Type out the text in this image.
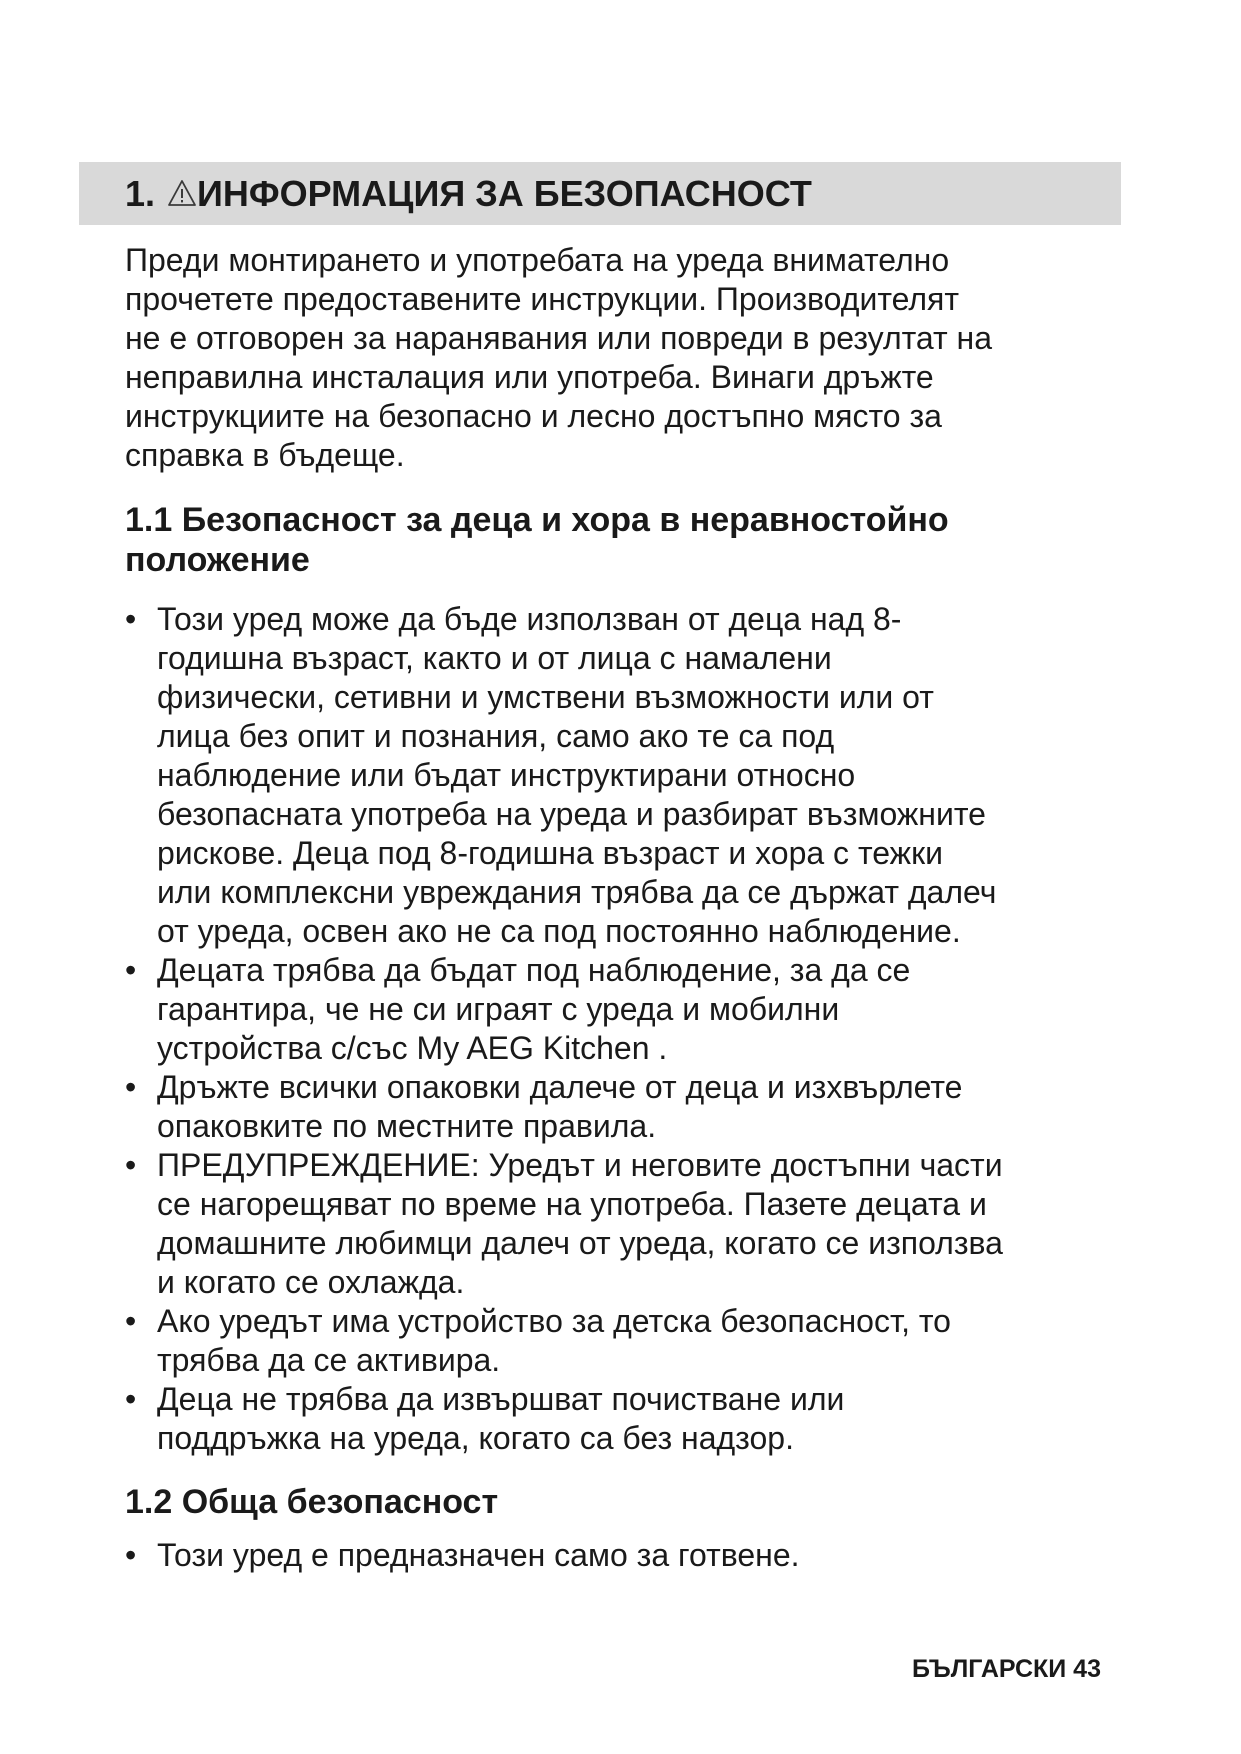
1. ИНФОРМАЦИЯ ЗА БЕЗОПАСНОСТ
Преди монтирането и употребата на уреда внимателно
прочетете предоставените инструкции. Производителят
не е отговорен за наранявания или повреди в резултат на
неправилна инсталация или употреба. Винаги дръжте
инструкциите на безопасно и лесно достъпно място за
справка в бъдеще.
1.1 Безопасност за деца и хора в неравностойно
положение
• Този уред може да бъде използван от деца над 8-
годишна възраст, както и от лица с намалени
физически, сетивни и умствени възможности или от
лица без опит и познания, само ако те са под
наблюдение или бъдат инструктирани относно
безопасната употреба на уреда и разбират възможните
рискове. Деца под 8-годишна възраст и хора с тежки
или комплексни увреждания трябва да се държат далеч
от уреда, освен ако не са под постоянно наблюдение.
• Децата трябва да бъдат под наблюдение, за да се
гарантира, че не си играят с уреда и мобилни
устройства с/със My AEG Kitchen .
• Дръжте всички опаковки далече от деца и изхвърлете
опаковките по местните правила.
• ПРЕДУПРЕЖДЕНИЕ: Уредът и неговите достъпни части
се нагорещяват по време на употреба. Пазете децата и
домашните любимци далеч от уреда, когато се използва
и когато се охлажда.
• Ако уредът има устройство за детска безопасност, то
трябва да се активира.
• Деца не трябва да извършват почистване или
поддръжка на уреда, когато са без надзор.
1.2 Обща безопасност
• Този уред е предназначен само за готвене.
БЪЛГАРСКИ 43
